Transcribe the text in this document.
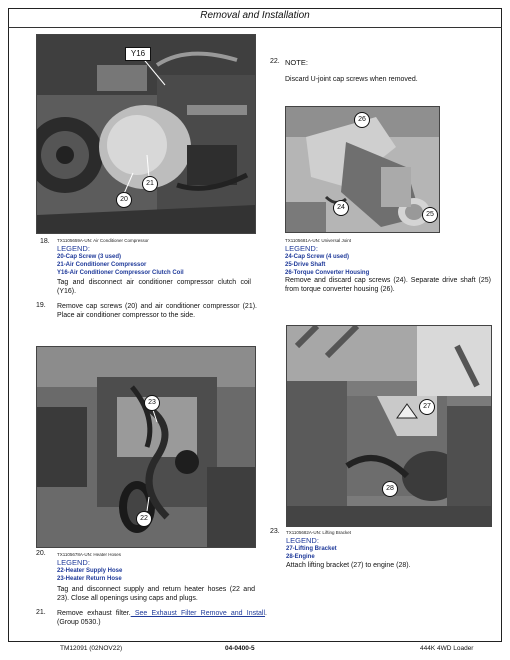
Removal and Installation
Y16
21
20
TX1105659A-UN: Air Conditioner Compressor
18.
LEGEND:
20-Cap Screw (3 used)
21-Air Conditioner Compressor
Y16-Air Conditioner Compressor Clutch Coil
Tag and disconnect air conditioner compressor clutch coil (Y16).
19. Remove cap screws (20) and air conditioner compressor (21). Place air conditioner compressor to the side.
23
22
20.	TX1105678A-UN: Heater Hoses
LEGEND:
22-Heater Supply Hose
23-Heater Return Hose
Tag and disconnect supply and return heater hoses (22 and 23). Close all openings using caps and plugs.
21. Remove exhaust filter. See Exhaust Filter Remove and Install. (Group 0530.)
22. NOTE:
Discard U-joint cap screws when removed.
26
24
25
TX1105681A-UN: Universal Joint
LEGEND:
24-Cap Screw (4 used)
25-Drive Shaft
26-Torque Converter Housing
Remove and discard cap screws (24). Separate drive shaft (25) from torque converter housing (26).
27
28
23. TX1105682A-UN: Lifting Bracket
LEGEND:
27-Lifting Bracket
28-Engine
Attach lifting bracket (27) to engine (28).
TM12091 (02NOV22)	04-0400-5	444K 4WD Loader
